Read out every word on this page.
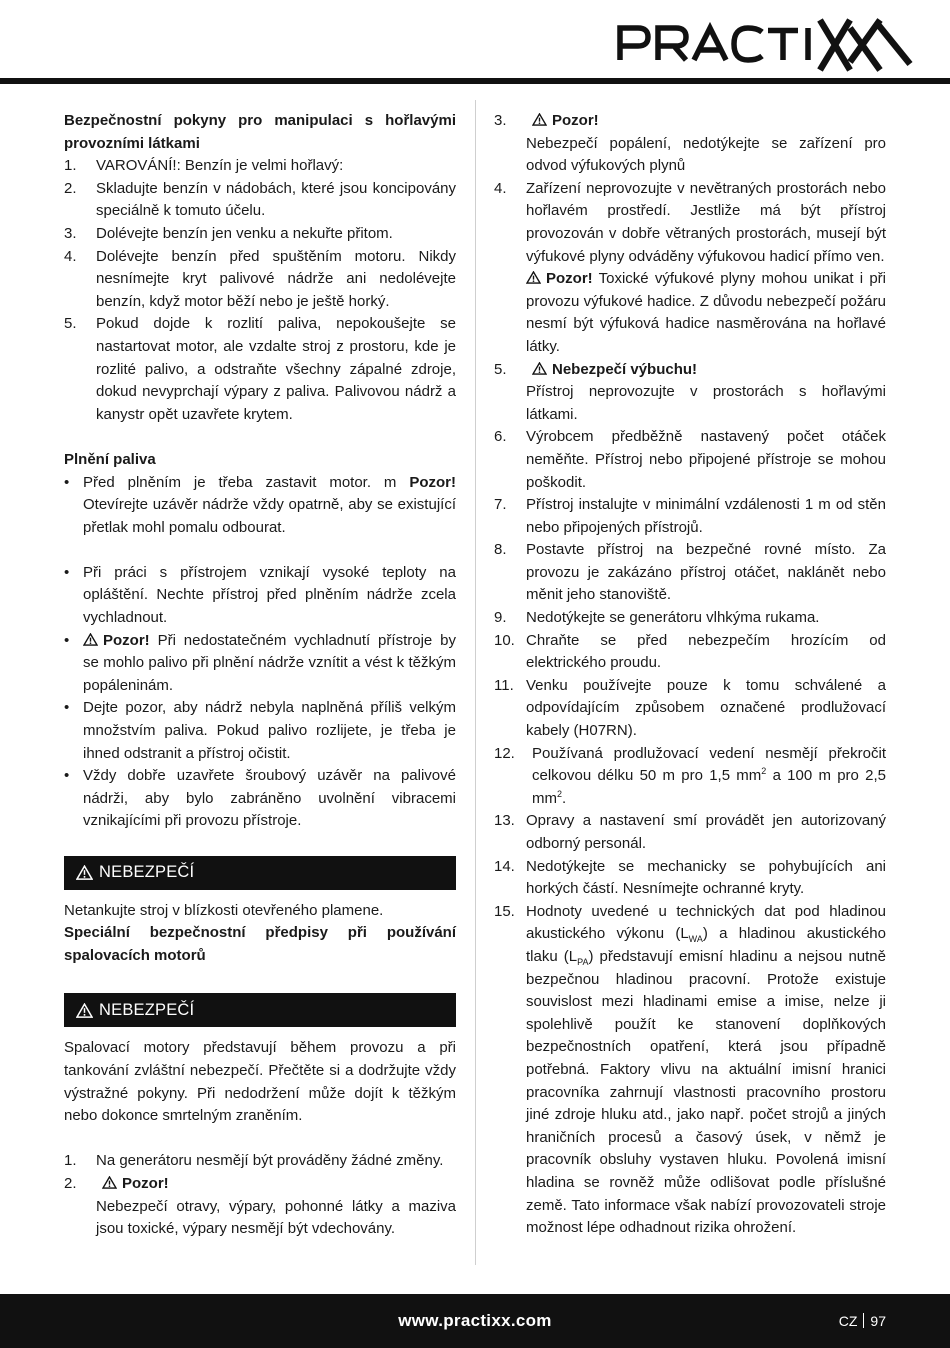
Bezpečnostní pokyny pro manipulaci s hořlavými provozními látkami

1.	VAROVÁNÍ!: Benzín je velmi hořlavý:
2.	Skladujte benzín v nádobách, které jsou koncipovány speciálně k tomuto účelu.
3.	Dolévejte benzín jen venku a nekuřte přitom.
4.	Dolévejte benzín před spuštěním motoru. Nikdy nesnímejte kryt palivové nádrže ani nedolévejte benzín, když motor běží nebo je ještě horký.
5.	Pokud dojde k rozlití paliva, nepokoušejte se nastartovat motor, ale vzdalte stroj z prostoru, kde je rozlité palivo, a odstraňte všechny zápalné zdroje, dokud nevyprchají výpary z paliva. Palivovou nádrž a kanystr opět uzavřete krytem.

Plnění paliva

• Před plněním je třeba zastavit motor. m Pozor! Otevírejte uzávěr nádrže vždy opatrně, aby se existující přetlak mohl pomalu odbourat.
• Při práci s přístrojem vznikají vysoké teploty na opláštění. Nechte přístroj před plněním nádrže zcela vychladnout.
•	Pozor! Při nedostatečném vychladnutí přístroje by se mohlo palivo při plnění nádrže vznítit a vést k těžkým popáleninám.
• Dejte pozor, aby nádrž nebyla naplněná příliš velkým množstvím paliva. Pokud palivo rozlijete, je třeba je ihned odstranit a přístroj očistit.
• Vždy dobře uzavřete šroubový uzávěr na palivové nádrži, aby bylo zabráněno uvolnění vibracemi vznikajícími při provozu přístroje.
NEBEZPEČÍ

Netankujte stroj v blízkosti otevřeného plamene.

Speciální bezpečnostní předpisy při používání spalovacích motorů

NEBEZPEČÍ

Spalovací motory představují během provozu a při tankování zvláštní nebezpečí. Přečtěte si a dodržujte vždy výstražné pokyny. Při nedodržení může dojít k těžkým nebo dokonce smrtelným zraněním.

1.	Na generátoru nesmějí být prováděny žádné změny.
2.	Pozor!
Nebezpečí otravy, výpary, pohonné látky a maziva jsou toxické, výpary nesmějí být vdechovány.
3.	Pozor!
Nebezpečí popálení, nedotýkejte se zařízení pro odvod výfukových plynů
4.	Zařízení neprovozujte v nevětraných prostorách nebo hořlavém prostředí. Jestliže má být přístroj provozován v dobře větraných prostorách, musejí být výfukové plyny odváděny výfukovou hadicí přímo ven.
Pozor! Toxické výfukové plyny mohou unikat i při provozu výfukové hadice. Z důvodu nebezpečí požáru nesmí být výfuková hadice nasměrována na hořlavé látky.
5.	Nebezpečí výbuchu!
Přístroj neprovozujte v prostorách s hořlavými látkami.
6.	Výrobcem předběžně nastavený počet otáček neměňte. Přístroj nebo připojené přístroje se mohou poškodit.
7.	Přístroj instalujte v minimální vzdálenosti 1 m od stěn nebo připojených přístrojů.
8.	Postavte přístroj na bezpečné rovné místo. Za provozu je zakázáno přístroj otáčet, naklánět nebo měnit jeho stanoviště.
9.	Nedotýkejte se generátoru vlhkýma rukama.
10. Chraňte se před nebezpečím hrozícím od elektrického proudu.
11. Venku používejte pouze k tomu schválené a odpovídajícím způsobem označené prodlužovací kabely (H07RN).
12.	Používaná prodlužovací vedení nesmějí překročit celkovou délku 50 m pro 1,5 $mm^2$ a 100 m pro 2,5 $mm^2$.
13. Opravy a nastavení smí provádět jen autorizovaný odborný personál.
14. Nedotýkejte se mechanicky se pohybujících ani horkých částí. Nesnímejte ochranné kryty.
15. Hodnoty uvedené u technických dat pod hladinou akustického výkonu $(L_{WA})$ a hladinou akustického tlaku $(L_{PA})$ představují emisní hladinu a nejsou nutně bezpečnou hladinou pracovní. Protože existuje souvislost mezi hladinami emise a imise, nelze ji spolehlivě použít ke stanovení doplňkových bezpečnostních opatření, která jsou případně potřebná. Faktory vlivu na aktuální imisní hranici pracovníka zahrnují vlastnosti pracovního prostoru jiné zdroje hluku atd., jako např. počet strojů a jiných hraničních procesů a časový úsek, v němž je pracovník obsluhy vystaven hluku. Povolená imisní hladina se rovněž může odlišovat podle příslušné země. Tato informace však nabízí provozovateli stroje možnost lépe odhadnout rizika ohrožení.
www.practixx.com	CZ 97
